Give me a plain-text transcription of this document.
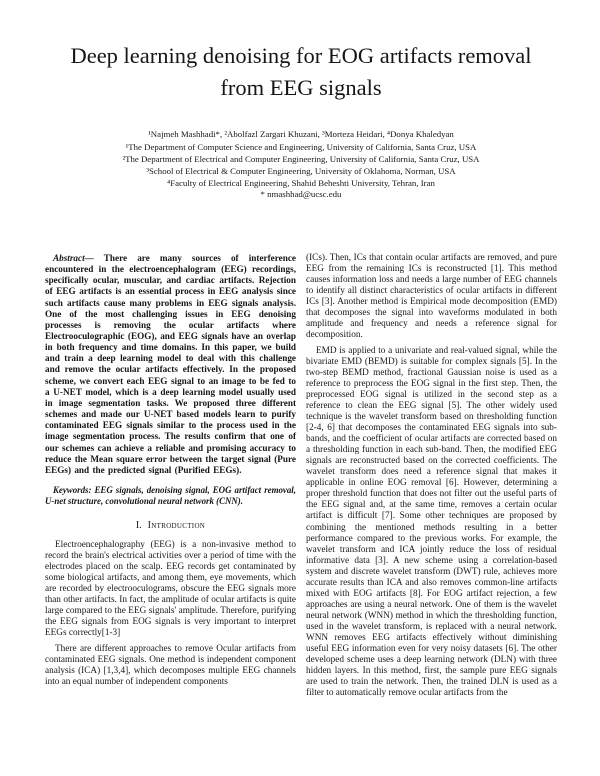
Deep learning denoising for EOG artifacts removal from EEG signals
¹Najmeh Mashhadi*, ²Abolfazl Zargari Khuzani, ³Morteza Heidari, ⁴Donya Khaledyan
¹The Department of Computer Science and Engineering, University of California, Santa Cruz, USA
²The Department of Electrical and Computer Engineering, University of California, Santa Cruz, USA
³School of Electrical & Computer Engineering, University of Oklahoma, Norman, USA
⁴Faculty of Electrical Engineering, Shahid Beheshti University, Tehran, Iran
* nmashhad@ucsc.edu

Abstract— There are many sources of interference encountered in the electroencephalogram (EEG) recordings, specifically ocular, muscular, and cardiac artifacts. Rejection of EEG artifacts is an essential process in EEG analysis since such artifacts cause many problems in EEG signals analysis. One of the most challenging issues in EEG denoising processes is removing the ocular artifacts where Electrooculographic (EOG), and EEG signals have an overlap in both frequency and time domains. In this paper, we build and train a deep learning model to deal with this challenge and remove the ocular artifacts effectively. In the proposed scheme, we convert each EEG signal to an image to be fed to a U-NET model, which is a deep learning model usually used in image segmentation tasks. We proposed three different schemes and made our U-NET based models learn to purify contaminated EEG signals similar to the process used in the image segmentation process. The results confirm that one of our schemes can achieve a reliable and promising accuracy to reduce the Mean square error between the target signal (Pure EEGs) and the predicted signal (Purified EEGs).

Keywords: EEG signals, denoising signal, EOG artifact removal, U-net structure, convolutional neural network (CNN).

I. Introduction

Electroencephalography (EEG) is a non-invasive method to record the brain's electrical activities over a period of time with the electrodes placed on the scalp. EEG records get contaminated by some biological artifacts, and among them, eye movements, which are recorded by electrooculograms, obscure the EEG signals more than other artifacts. In fact, the amplitude of ocular artifacts is quite large compared to the EEG signals' amplitude. Therefore, purifying the EEG signals from EOG signals is very important to interpret EEGs correctly[1-3]

There are different approaches to remove Ocular artifacts from contaminated EEG signals. One method is independent component analysis (ICA) [1,3,4], which decomposes multiple EEG channels into an equal number of independent components

(ICs). Then, ICs that contain ocular artifacts are removed, and pure EEG from the remaining ICs is reconstructed [1]. This method causes information loss and needs a large number of EEG channels to identify all distinct characteristics of ocular artifacts in different ICs [3]. Another method is Empirical mode decomposition (EMD) that decomposes the signal into waveforms modulated in both amplitude and frequency and needs a reference signal for decomposition.

EMD is applied to a univariate and real-valued signal, while the bivariate EMD (BEMD) is suitable for complex signals [5]. In the two-step BEMD method, fractional Gaussian noise is used as a reference to preprocess the EOG signal in the first step. Then, the preprocessed EOG signal is utilized in the second step as a reference to clean the EEG signal [5]. The other widely used technique is the wavelet transform based on thresholding function [2-4, 6] that decomposes the contaminated EEG signals into sub-bands, and the coefficient of ocular artifacts are corrected based on a thresholding function in each sub-band. Then, the modified EEG signals are reconstructed based on the corrected coefficients. The wavelet transform does need a reference signal that makes it applicable in online EOG removal [6]. However, determining a proper threshold function that does not filter out the useful parts of the EEG signal and, at the same time, removes a certain ocular artifact is difficult [7]. Some other techniques are proposed by combining the mentioned methods resulting in a better performance compared to the previous works. For example, the wavelet transform and ICA jointly reduce the loss of residual informative data [3]. A new scheme using a correlation-based system and discrete wavelet transform (DWT) rule, achieves more accurate results than ICA and also removes common-line artifacts mixed with EOG artifacts [8]. For EOG artifact rejection, a few approaches are using a neural network. One of them is the wavelet neural network (WNN) method in which the thresholding function, used in the wavelet transform, is replaced with a neural network. WNN removes EEG artifacts effectively without diminishing useful EEG information even for very noisy datasets [6]. The other developed scheme uses a deep learning network (DLN) with three hidden layers. In this method, first, the sample pure EEG signals are used to train the network. Then, the trained DLN is used as a filter to automatically remove ocular artifacts from the
